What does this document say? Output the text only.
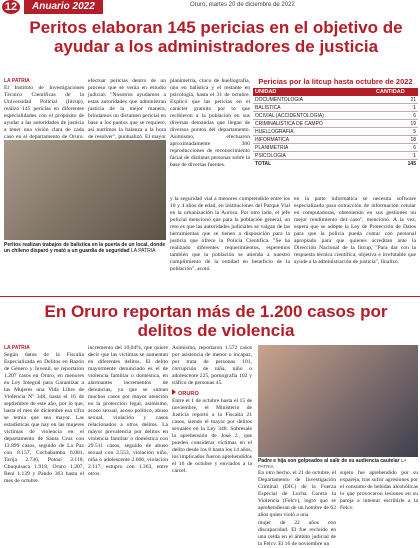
12	Anuario 2022	Oruro, martes 20 de diciembre de 2022
Peritos elaboran 145 pericias en el objetivo de ayudar a los administradores de justicia
LA PATRIA

El Instituto de Investigaciones Técnico Científicas de la Universidad Policial (Iitcup), realizó 145 pericias en diferentes especialidades con el propósito de ayudar a las autoridades de justicia a tener una visión clara de cada caso en el departamento de Oruro.

efectuar pericias dentro de un proceso que se venía en estudio judicial. "Nosotros ayudamos a estas autoridades que administran justicia de la mejor manera, brindamos un dictamen pericial en base a los puntos que se requiere, así nutrimos la balanza a la hora de resolver", puntualizó. El mayor

planimetría, cinco de huellografía, uno en balística y el restante en psicología, hasta el 31 de octubre. Explicó que las pericias en el carácter gratuito por lo que recibieron a la población en sus diversas demandas que llegan de diversos puntos del departamento. Asimismo, efectuaron aproximadamente 300 reproducciones de reconocimiento facial de distintas personas sobre la base de diversas fuentes.

Pericias por la Iitcup hasta octubre de 2022
UNIDAD	CANTIDAD
DOCUMENTOLOGIA	21
BALISTICA	1
OCIVIAL (ACCIDENTOLOGIA)	6
CRIMINALISTICA DE CAMPO	19
HUELLOGRAFIA	5
INFORMATICA	18
PLANIMETRIA	6
PSICOLOGIA	1
TOTAL	145

y la seguridad vial a menores comprendido entre los 10 y 4 años de edad, en instituciones del Parque Vial en la urbanización la Aurora. Por otro lado, el jefe policial mencionó que para la población general, un reto es que las autoridades judiciales se valgan de las herramientas que se tienen a disposición para la justicia que ofrece la Policía Científica. "Se ha realizado diferentes requerimientos, esperemos también que la población se atienda a nuestro cumplimiento de la entidad en beneficio de la población", acotó.

en la parte informática se necesita software especializado para extracción de información celular en computadoras, obteniendo en sus gestiones un mejor rendimiento del caso", mencionó. A la vez, espera que se adopte la Ley de Protección de Datos para que la policía pueda contar con personal apropiado para que quienes acreditan ante la Dirección Nacional de la Iitcup, "Para dar con la respuesta técnica científica, objetiva e irrefutable que ayude a la administración de justicia", finalizó.

Peritos realizan trabajos de balística en la puerta de un local, donde un chileno disparó y mató a un guardia de seguridad LA PATRIA
En Oruro reportan más de 1.200 casos por delitos de violencia
LA PATRIA

Según datos de la Fiscalía Especializada en Delitos en Razón de Género y Juvenil, se reportaron 1.207 casos en Oruro, en menores en Ley Integral para Garantizar a las Mujeres una Vida Libre de Violencia Nº 348, hasta el 16 de septiembre de este año, por lo que, hasta el mes de diciembre esa cifra se temía que sea mayor. Las estadísticas que hay en las mujeres víctimas de violencia en el departamento de Santa Cruz con 13.899 casos, seguido de La Paz con 8.157, Cochabamba 6.081, Tarija 2.736, Potosí 2.118, Chuquisaca 1.918, Oruro 1.207, Beni 1.139 y Pando 363 hasta el mes de octubre.

incremento del 10,04%, que quiere decir que las víctimas se aumentan en diferentes delitos. El delito mayormente denunciado es el de violencia familiar o doméstica, en alarmantes incrementos de denuncias, ya que se suman muchos casos por mayor atención en la protección legal, asimismo, acoso sexual, acoso político, abuso sexual, violación y casos relacionados a otros delitos. La mayor prevalencia por delitos en violencia familiar o doméstica con 29.511 casos, seguido de abuso sexual con 2.553, violación niño, niña o adolescente 2.666, violación 2.117, estupro con 1.363, entre otros.

Asimismo, reportaron 1.572 casos por asistencia de menor o incapaz, por trata de personas 101, corrupción de niña, niño o adolescente 225, pornografía 102 y tráfico de personas 45.

ORURO

Entre el 1 de octubre hasta el 15 de noviembre, el Ministerio de Justicia reportó a la Fiscalía 21 casos, siendo el mayor por delitos sexuales en la Ley 348. Sobresale la aprehensión de José J., que pueden considerar víctimas en el delito desde los 8 hasta los 14 años, los implicados fueron aprehendidos el 16 de octubre y enviados a la cárcel.

Padre e hija son golpeados al salir de su audiencia cautelar LA PATRIA

En otro hecho, el 21 de octubre, el Departamento de Investigación Criminal (DIC) de la Fuerza Especial de Lucha Contra la Violencia (Felcv), logró que se aprehendieran de un hombre de 62 años quien violó a una

mujer de 22 años con discapacidad. El fue recluido en una celda en el ámbito judicial de la Felcv. El 16 de noviembre un

sujeto fue aprehendido por su expareja, tras sufrir agresiones por el consumo de bebidas alcohólicas lo que provocaron lesiones en su pareja a intentar escribirle a la Felcv.
